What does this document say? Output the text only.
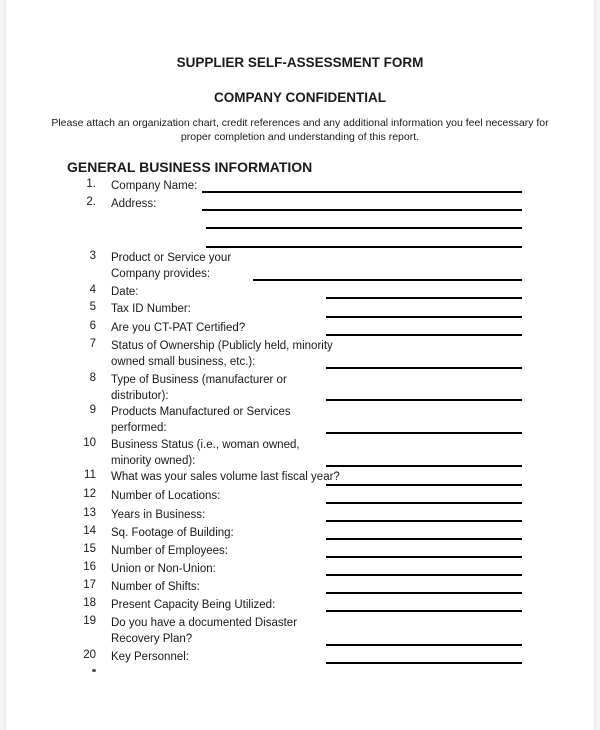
SUPPLIER SELF-ASSESSMENT FORM
COMPANY CONFIDENTIAL
Please attach an organization chart, credit references and any additional information you feel necessary for proper completion and understanding of this report.
GENERAL BUSINESS INFORMATION
1. Company Name:
2. Address:
3 Product or Service your
Company provides:
4 Date:
5 Tax ID Number:
6 Are you CT-PAT Certified?
7 Status of Ownership (Publicly held, minority
owned small business, etc.):
8 Type of Business (manufacturer or
distributor):
9 Products Manufactured or Services
performed:
10 Business Status (i.e., woman owned,
minority owned):
11 What was your sales volume last fiscal year?
12 Number of Locations:
13 Years in Business:
14 Sq. Footage of Building:
15 Number of Employees:
16 Union or Non-Union:
17 Number of Shifts:
18 Present Capacity Being Utilized:
19 Do you have a documented Disaster
Recovery Plan?
20 Key Personnel:
